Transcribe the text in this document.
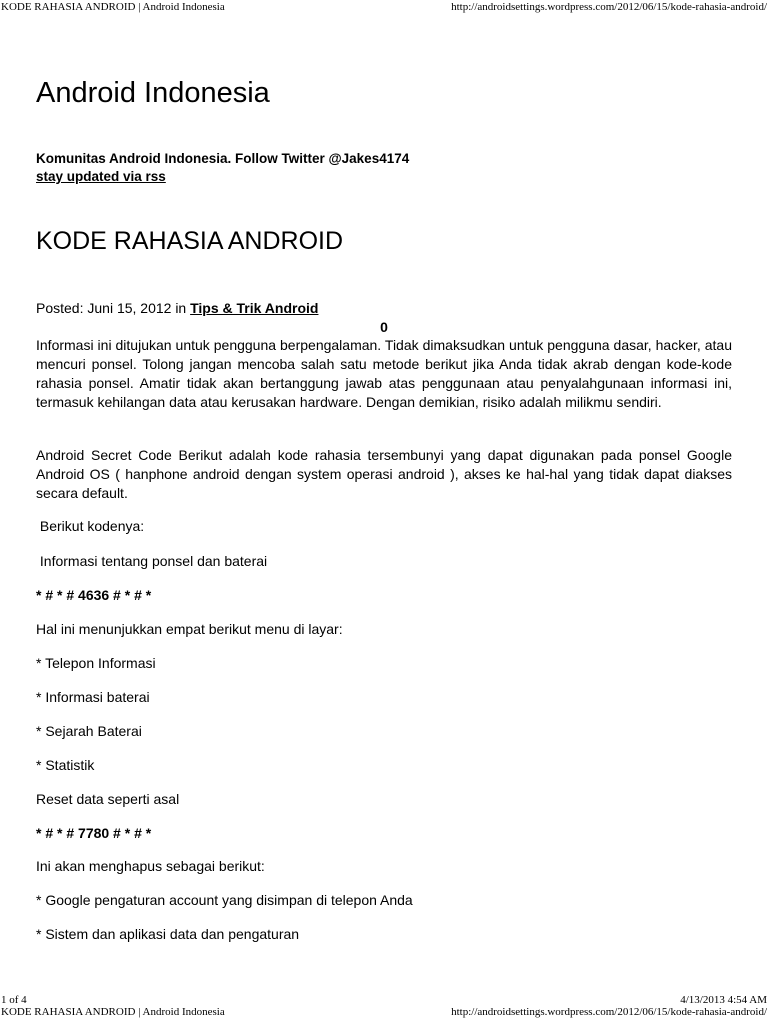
KODE RAHASIA ANDROID | Android Indonesia	http://androidsettings.wordpress.com/2012/06/15/kode-rahasia-android/
Android Indonesia
Komunitas Android Indonesia. Follow Twitter @Jakes4174
stay updated via rss
KODE RAHASIA ANDROID
Posted: Juni 15, 2012 in Tips & Trik Android
0

Informasi ini ditujukan untuk pengguna berpengalaman. Tidak dimaksudkan untuk pengguna dasar, hacker, atau mencuri ponsel. Tolong jangan mencoba salah satu metode berikut jika Anda tidak akrab dengan kode-kode rahasia ponsel. Amatir tidak akan bertanggung jawab atas penggunaan atau penyalahgunaan informasi ini, termasuk kehilangan data atau kerusakan hardware. Dengan demikian, risiko adalah milikmu sendiri.

Android Secret Code Berikut adalah kode rahasia tersembunyi yang dapat digunakan pada ponsel Google Android OS ( hanphone android dengan system operasi android ), akses ke hal-hal yang tidak dapat diakses secara default.

Berikut kodenya:

Informasi tentang ponsel dan baterai

* # * # 4636 # * # *

Hal ini menunjukkan empat berikut menu di layar:

* Telepon Informasi

* Informasi baterai

* Sejarah Baterai

* Statistik

Reset data seperti asal

* # * # 7780 # * # *

Ini akan menghapus sebagai berikut:

* Google pengaturan account yang disimpan di telepon Anda

* Sistem dan aplikasi data dan pengaturan

1 of 4	4/13/2013 4:54 AM
KODE RAHASIA ANDROID | Android Indonesia	http://androidsettings.wordpress.com/2012/06/15/kode-rahasia-android/
